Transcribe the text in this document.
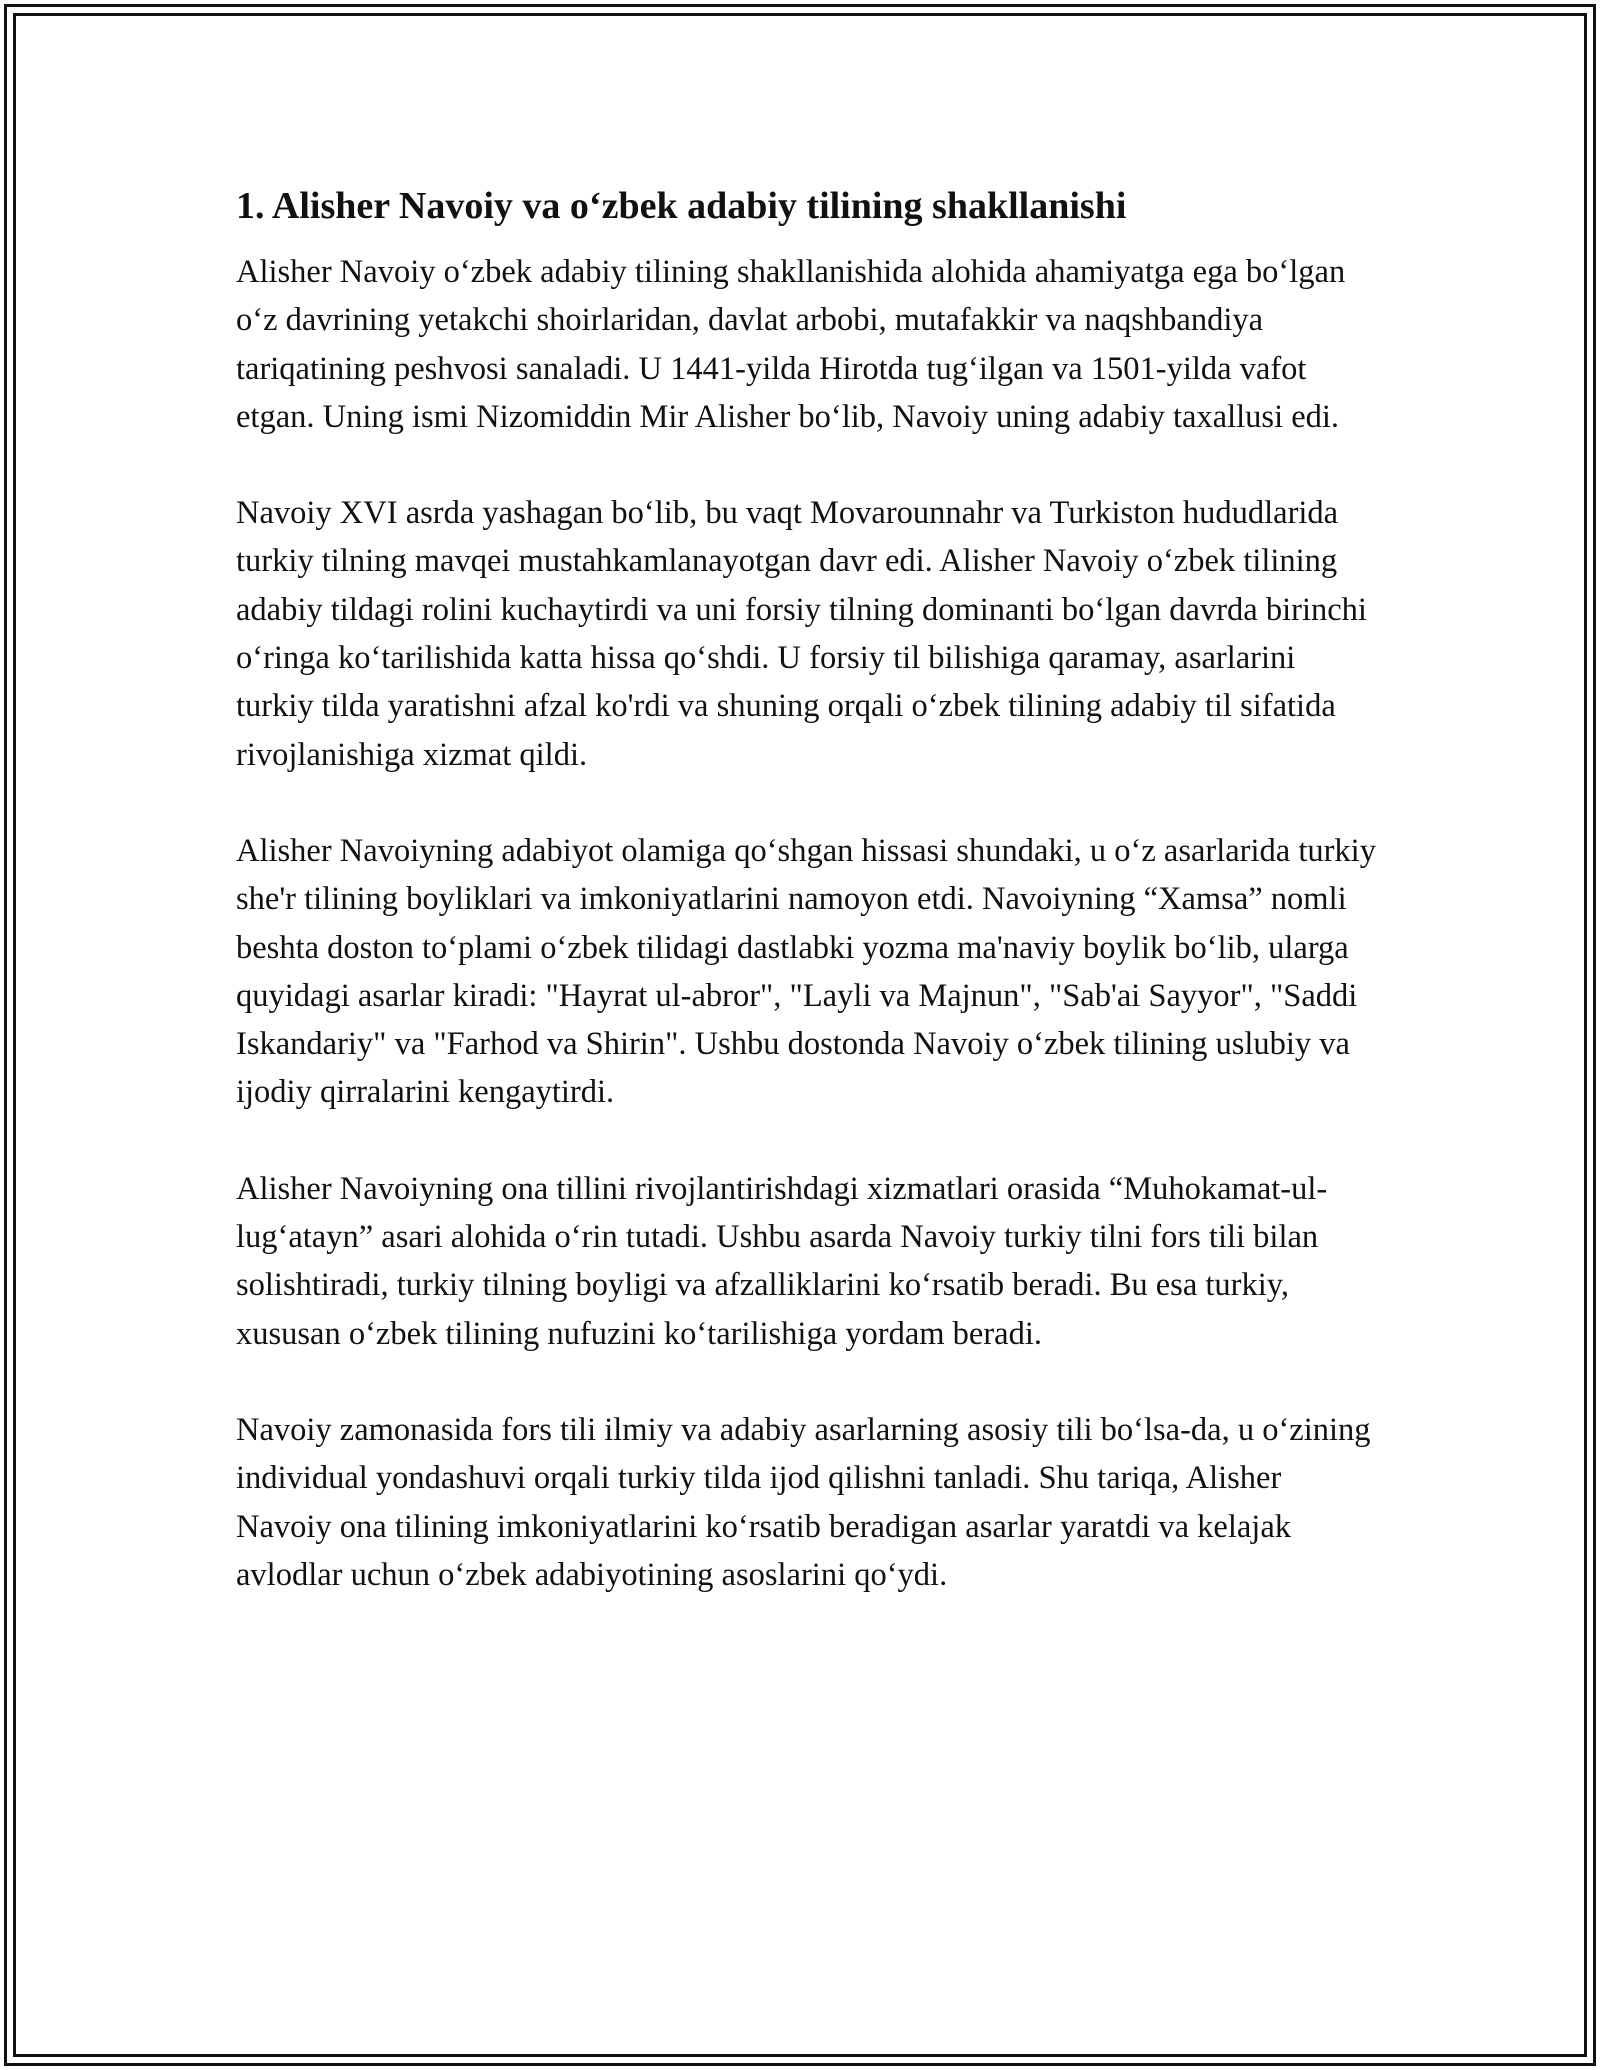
1. Alisher Navoiy va o‘zbek adabiy tilining shakllanishi

Alisher Navoiy o‘zbek adabiy tilining shakllanishida alohida ahamiyatga ega bo‘lgan o‘z davrining yetakchi shoirlaridan, davlat arbobi, mutafakkir va naqshbandiya tariqatining peshvosi sanaladi. U 1441-yilda Hirotda tug‘ilgan va 1501-yilda vafot etgan. Uning ismi Nizomiddin Mir Alisher bo‘lib, Navoiy uning adabiy taxallusi edi.

Navoiy XVI asrda yashagan bo‘lib, bu vaqt Movarounnahr va Turkiston hududlarida turkiy tilning mavqei mustahkamlanayotgan davr edi. Alisher Navoiy o‘zbek tilining adabiy tildagi rolini kuchaytirdi va uni forsiy tilning dominanti bo‘lgan davrda birinchi o‘ringa ko‘tarilishida katta hissa qo‘shdi. U forsiy til bilishiga qaramay, asarlarini turkiy tilda yaratishni afzal ko'rdi va shuning orqali o‘zbek tilining adabiy til sifatida rivojlanishiga xizmat qildi.

Alisher Navoiyning adabiyot olamiga qo‘shgan hissasi shundaki, u o‘z asarlarida turkiy she'r tilining boyliklari va imkoniyatlarini namoyon etdi. Navoiyning “Xamsa” nomli beshta doston to‘plami o‘zbek tilidagi dastlabki yozma ma'naviy boylik bo‘lib, ularga quyidagi asarlar kiradi: "Hayrat ul-abror", "Layli va Majnun", "Sab'ai Sayyor", "Saddi Iskandariy" va "Farhod va Shirin". Ushbu dostonda Navoiy o‘zbek tilining uslubiy va ijodiy qirralarini kengaytirdi.

Alisher Navoiyning ona tillini rivojlantirishdagi xizmatlari orasida “Muhokamat-ul-lug‘atayn” asari alohida o‘rin tutadi. Ushbu asarda Navoiy turkiy tilni fors tili bilan solishtiradi, turkiy tilning boyligi va afzalliklarini ko‘rsatib beradi. Bu esa turkiy, xususan o‘zbek tilining nufuzini ko‘tarilishiga yordam beradi.

Navoiy zamonasida fors tili ilmiy va adabiy asarlarning asosiy tili bo‘lsa-da, u o‘zining individual yondashuvi orqali turkiy tilda ijod qilishni tanladi. Shu tariqa, Alisher Navoiy ona tilining imkoniyatlarini ko‘rsatib beradigan asarlar yaratdi va kelajak avlodlar uchun o‘zbek adabiyotining asoslarini qo‘ydi.
